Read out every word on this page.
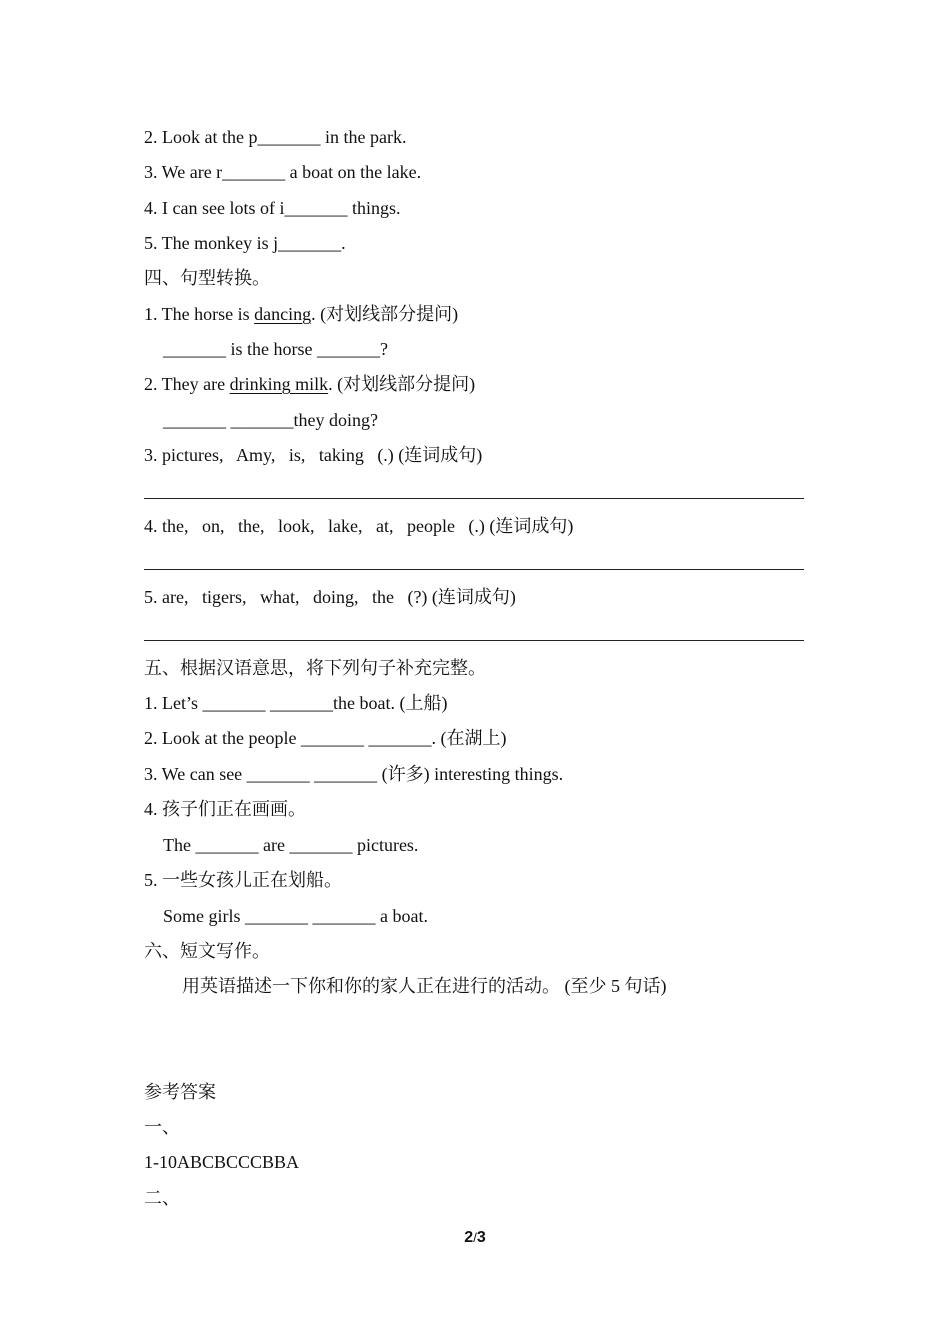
2. Look at the p_______ in the park.
3. We are r_______ a boat on the lake.
4. I can see lots of i_______ things.
5. The monkey is j_______.
四、句型转换。
1. The horse is dancing. (对划线部分提问)
_______ is the horse _______?
2. They are drinking milk. (对划线部分提问)
_______ _______they doing?
3. pictures,   Amy,   is,   taking   (.) (连词成句)
4. the,   on,   the,   look,   lake,   at,   people   (.) (连词成句)
5. are,   tigers,   what,   doing,   the   (?) (连词成句)
五、根据汉语意思，将下列句子补充完整。
1. Let’s _______ _______the boat. (上船)
2. Look at the people _______ _______. (在湖上)
3. We can see _______ _______ (许多) interesting things.
4. 孩子们正在画画。
The _______ are _______ pictures.
5. 一些女孩儿正在划船。
Some girls _______ _______ a boat.
六、短文写作。
用英语描述一下你和你的家人正在进行的活动。 (至少 5 句话)
参考答案
一、
1-10ABCBCCCBBA
二、
2/3
